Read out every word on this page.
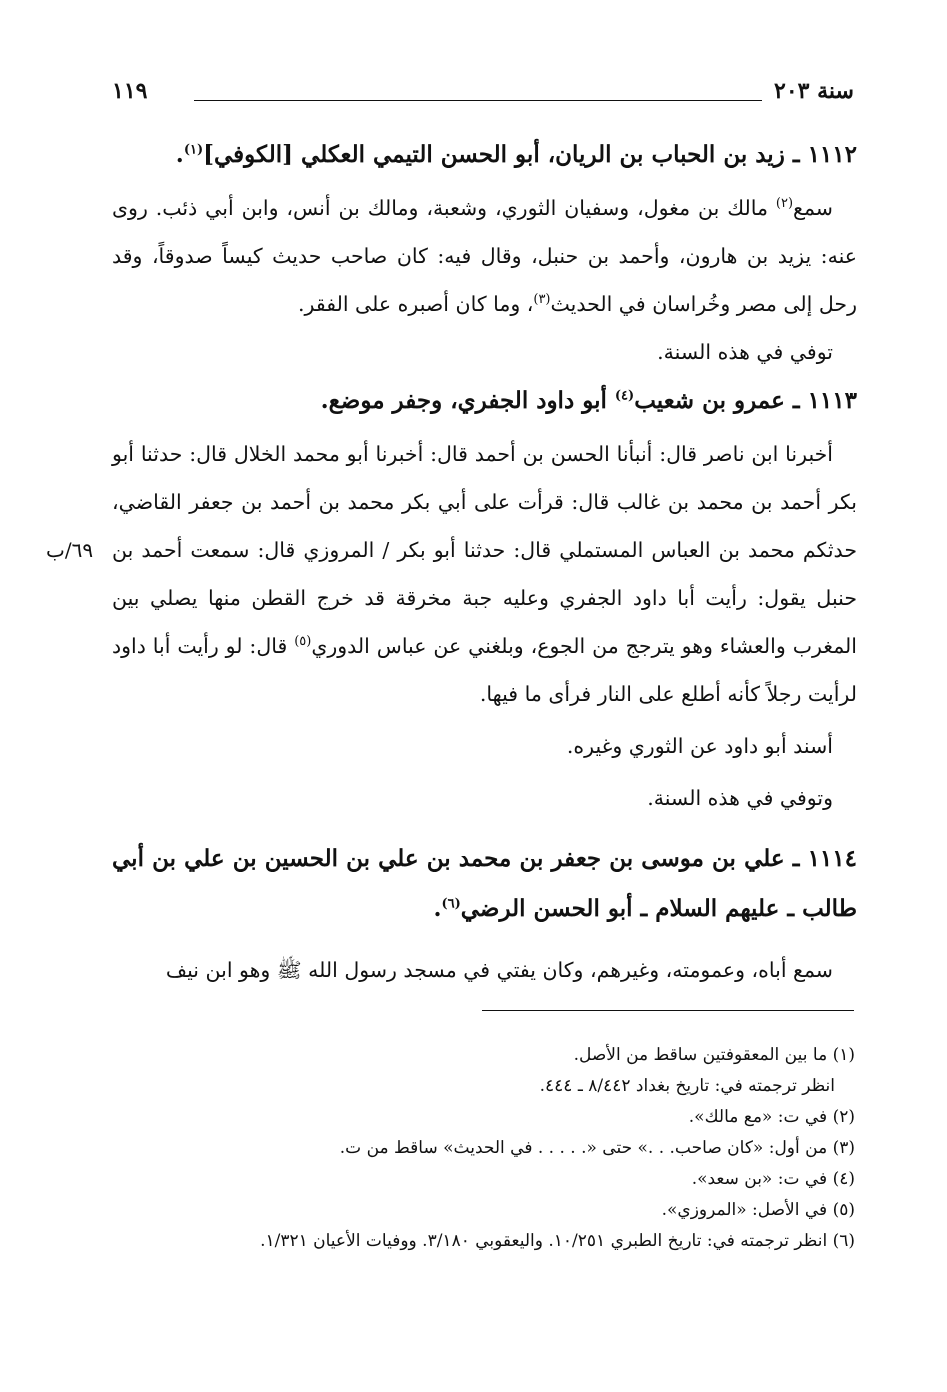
سنة ٢٠٣
١١٩

١١١٢ ـ زيد بن الحباب بن الريان، أبو الحسن التيمي العكلي [الكوفي]$^{(١)}$.

سمع$^{(٢)}$ مالك بن مغول، وسفيان الثوري، وشعبة، ومالك بن أنس، وابن أبي ذئب. روى عنه: يزيد بن هارون، وأحمد بن حنبل، وقال فيه: كان صاحب حديث كيساً صدوقاً، وقد رحل إلى مصر وخُراسان في الحديث$^{(٣)}$، وما كان أصبره على الفقر.

توفي في هذه السنة.

١١١٣ ـ عمرو بن شعيب$^{(٤)}$ أبو داود الجفري، وجفر موضع.

٦٩/ب
أخبرنا ابن ناصر قال: أنبأنا الحسن بن أحمد قال: أخبرنا أبو محمد الخلال قال: حدثنا أبو بكر أحمد بن محمد بن غالب قال: قرأت على أبي بكر محمد بن أحمد بن جعفر القاضي، حدثكم محمد بن العباس المستملي قال: حدثنا أبو بكر / المروزي قال: سمعت أحمد بن حنبل يقول: رأيت أبا داود الجفري وعليه جبة مخرقة قد خرج القطن منها يصلي بين المغرب والعشاء وهو يترجج من الجوع، وبلغني عن عباس الدوري$^{(٥)}$ قال: لو رأيت أبا داود لرأيت رجلاً كأنه أطلع على النار فرأى ما فيها.

أسند أبو داود عن الثوري وغيره.

وتوفي في هذه السنة.

١١١٤ ـ علي بن موسى بن جعفر بن محمد بن علي بن الحسين بن علي بن أبي طالب ـ عليهم السلام ـ أبو الحسن الرضي$^{(٦)}$.

سمع أباه، وعمومته، وغيرهم، وكان يفتي في مسجد رسول الله ﷺ وهو ابن نيف

(١) ما بين المعقوفتين ساقط من الأصل.

انظر ترجمته في: تاريخ بغداد ٨/٤٤٢ ـ ٤٤٤.

(٢) في ت: «مع مالك».

(٣) من أول: «كان صاحب. . .» حتى «. . . . . في الحديث» ساقط من ت.

(٤) في ت: «بن سعد».

(٥) في الأصل: «المروزي».

(٦) انظر ترجمته في: تاريخ الطبري ١٠/٢٥١. واليعقوبي ٣/١٨٠. ووفيات الأعيان ١/٣٢١.
